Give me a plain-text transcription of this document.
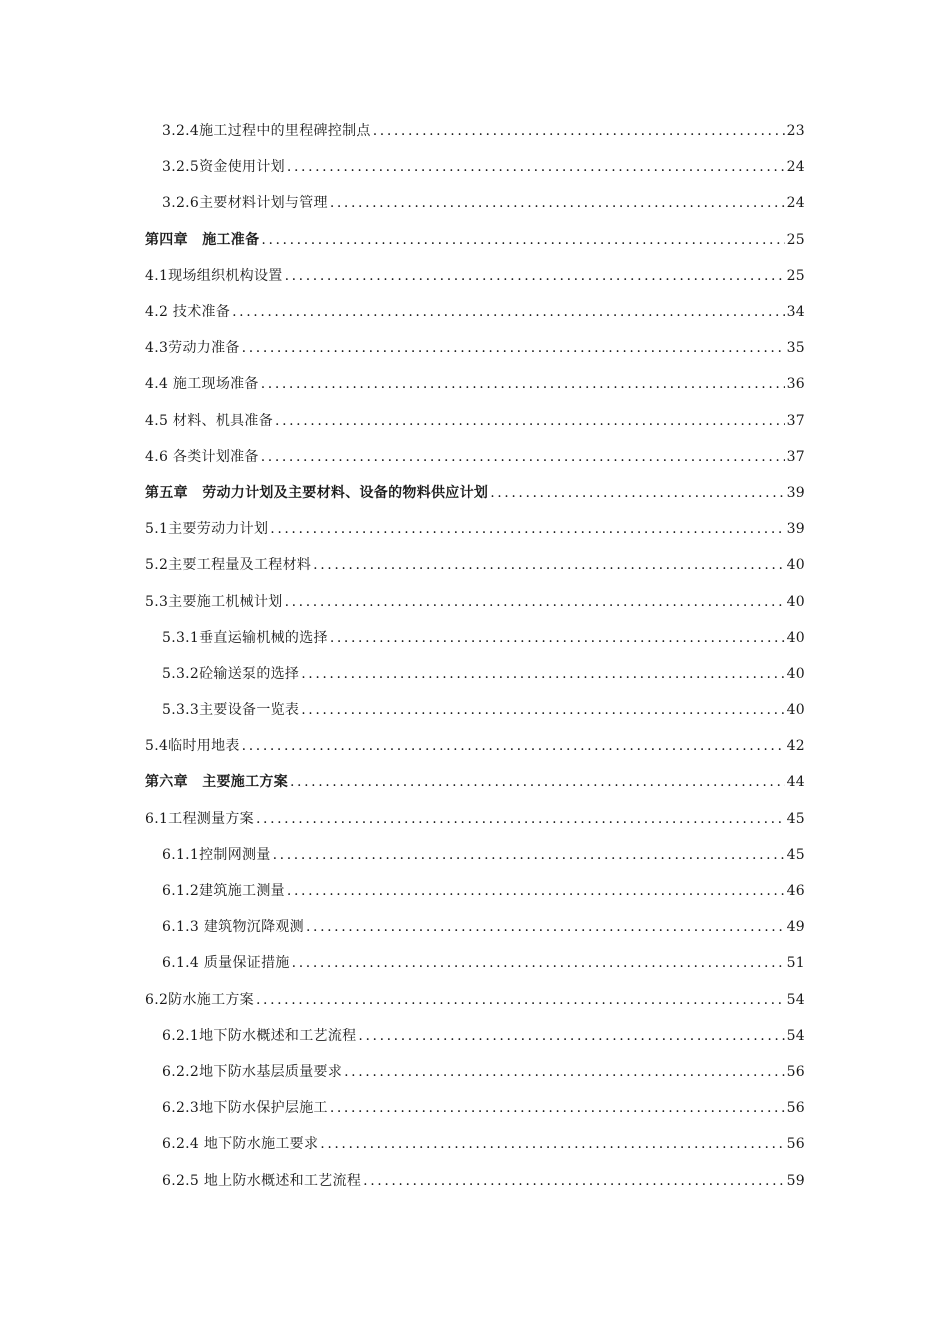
3.2.4施工过程中的里程碑控制点 .....	23
3.2.5资金使用计划 .....	24
3.2.6主要材料计划与管理 .....	24
第四章　施工准备 .....	25
4.1现场组织机构设置 .....	25
4.2 技术准备 .....	34
4.3劳动力准备 .....	35
4.4 施工现场准备 .....	36
4.5 材料、机具准备 .....	37
4.6 各类计划准备 .....	37
第五章　劳动力计划及主要材料、设备的物料供应计划 .....	39
5.1主要劳动力计划 .....	39
5.2主要工程量及工程材料 .....	40
5.3主要施工机械计划 .....	40
5.3.1垂直运输机械的选择 .....	40
5.3.2砼输送泵的选择 .....	40
5.3.3主要设备一览表 .....	40
5.4临时用地表 .....	42
第六章　主要施工方案 .....	44
6.1工程测量方案 .....	45
6.1.1控制网测量 .....	45
6.1.2建筑施工测量 .....	46
6.1.3 建筑物沉降观测 .....	49
6.1.4 质量保证措施 .....	51
6.2防水施工方案 .....	54
6.2.1地下防水概述和工艺流程 .....	54
6.2.2地下防水基层质量要求 .....	56
6.2.3地下防水保护层施工 .....	56
6.2.4 地下防水施工要求 .....	56
6.2.5 地上防水概述和工艺流程 .....	59
